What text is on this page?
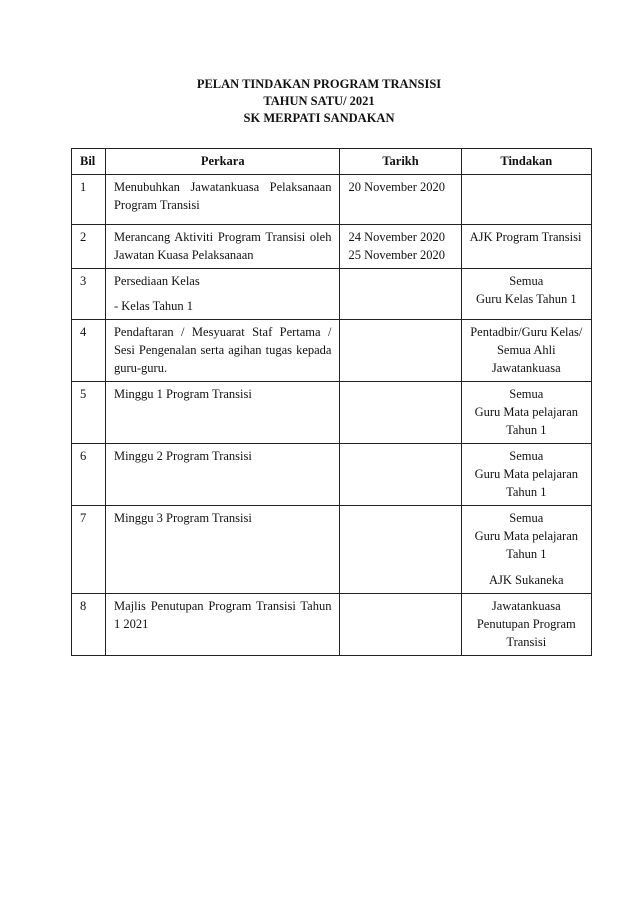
PELAN TINDAKAN PROGRAM TRANSISI
TAHUN SATU/ 2021
SK MERPATI SANDAKAN
Bil	Perkara	Tarikh	Tindakan
1	Menubuhkan Jawatankuasa Pelaksanaan Program Transisi	20 November 2020	

2	Merancang Aktiviti Program Transisi oleh Jawatan Kuasa Pelaksanaan	24 November 2020
25 November 2020	AJK Program Transisi

3	Persediaan Kelas
- Kelas Tahun 1		Semua
Guru Kelas Tahun 1

4	Pendaftaran / Mesyuarat Staf Pertama / Sesi Pengenalan serta agihan tugas kepada guru-guru.		Pentadbir/Guru Kelas/
Semua Ahli
Jawatankuasa

5	Minggu 1 Program Transisi		Semua
Guru Mata pelajaran
Tahun 1

6	Minggu 2 Program Transisi		Semua
Guru Mata pelajaran
Tahun 1

7	Minggu 3 Program Transisi		Semua
Guru Mata pelajaran
Tahun 1
AJK Sukaneka

8	Majlis Penutupan Program Transisi Tahun 1 2021		Jawatankuasa
Penutupan Program
Transisi
